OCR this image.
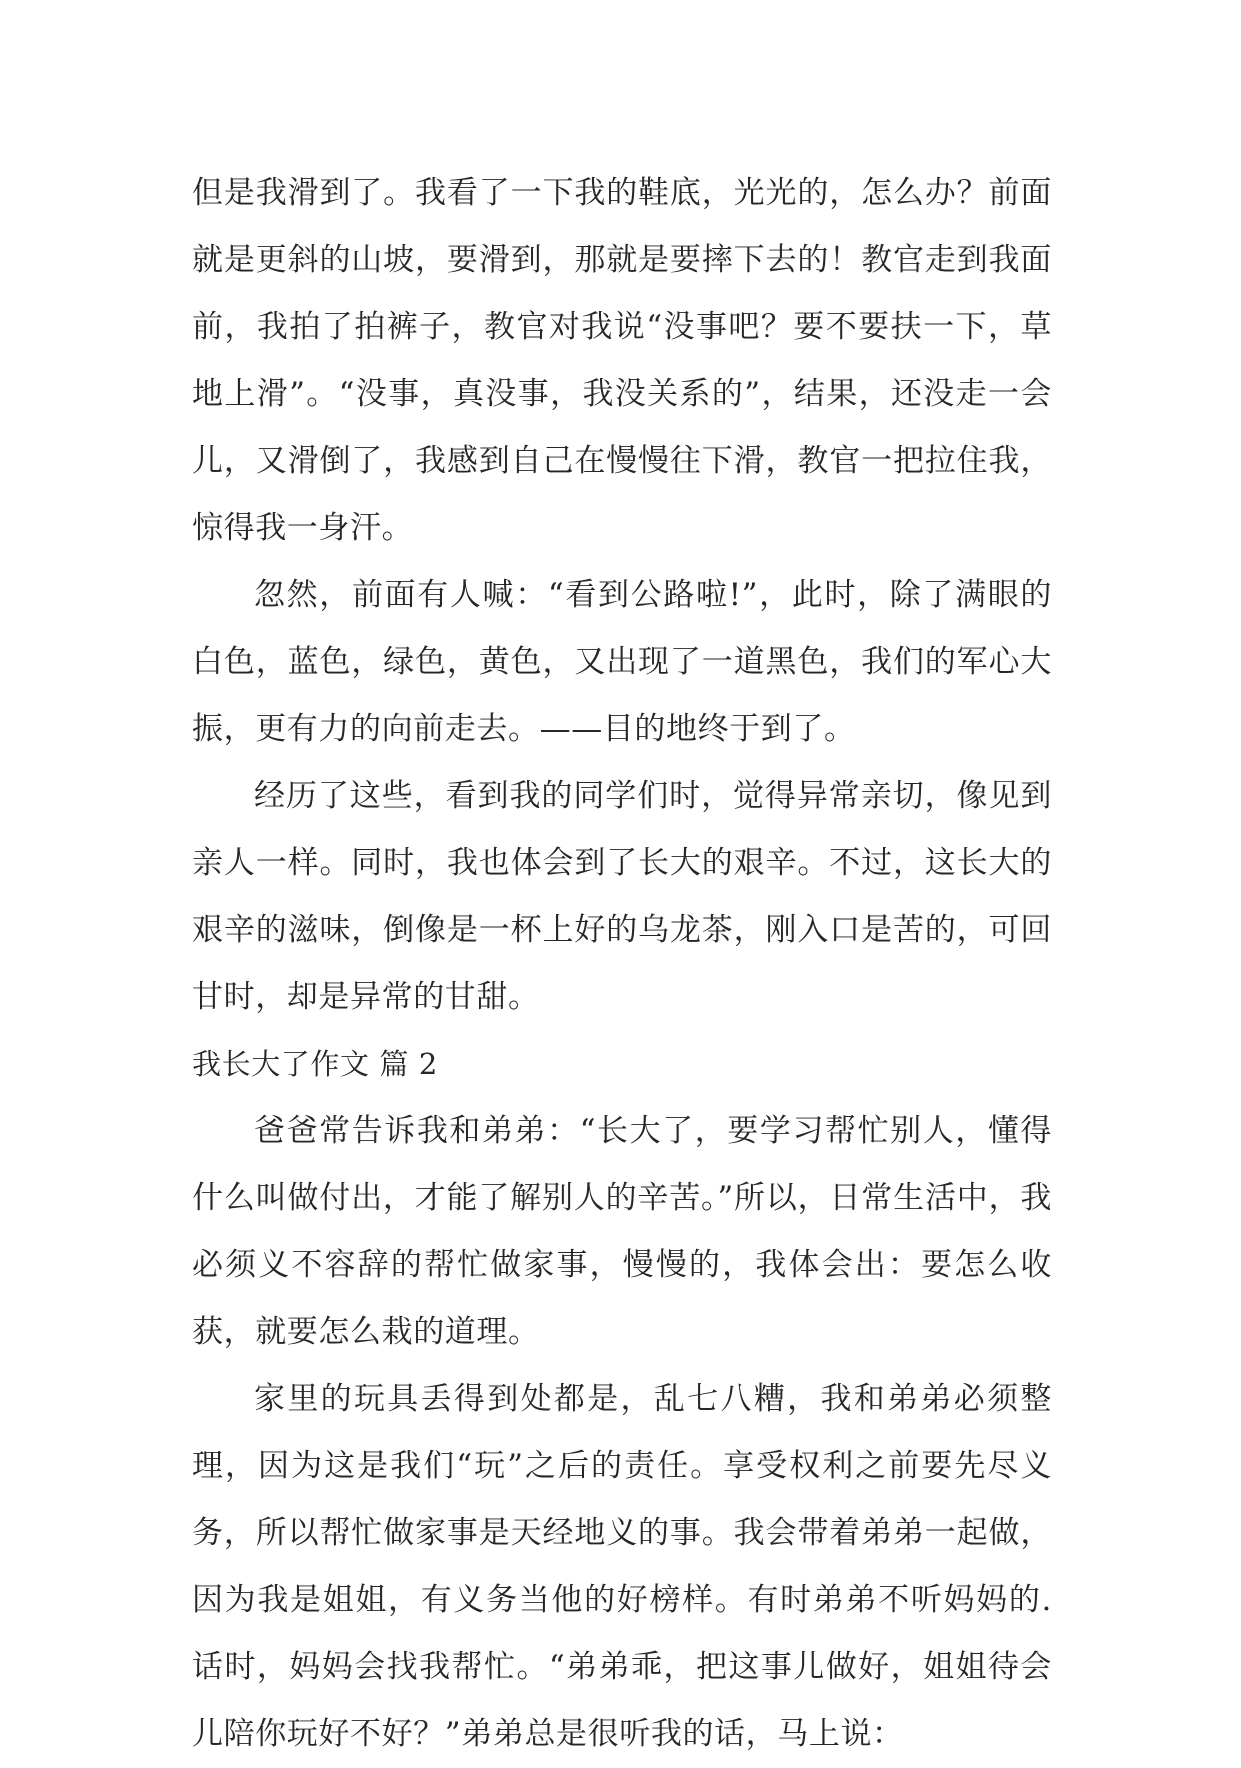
但是我滑到了。我看了一下我的鞋底，光光的，怎么办？前面就是更斜的山坡，要滑到，那就是要摔下去的！教官走到我面前，我拍了拍裤子，教官对我说“没事吧？要不要扶一下，草地上滑”。“没事，真没事，我没关系的”，结果，还没走一会儿，又滑倒了，我感到自己在慢慢往下滑，教官一把拉住我，惊得我一身汗。

忽然，前面有人喊：“看到公路啦!”，此时，除了满眼的白色，蓝色，绿色，黄色，又出现了一道黑色，我们的军心大振，更有力的向前走去。——目的地终于到了。

经历了这些，看到我的同学们时，觉得异常亲切，像见到亲人一样。同时，我也体会到了长大的艰辛。不过，这长大的艰辛的滋味，倒像是一杯上好的乌龙茶，刚入口是苦的，可回甘时，却是异常的甘甜。

我长大了作文 篇 2

爸爸常告诉我和弟弟：“长大了，要学习帮忙别人，懂得什么叫做付出，才能了解别人的辛苦。”所以，日常生活中，我必须义不容辞的帮忙做家事，慢慢的，我体会出：要怎么收获，就要怎么栽的道理。

家里的玩具丢得到处都是，乱七八糟，我和弟弟必须整理，因为这是我们“玩”之后的责任。享受权利之前要先尽义务，所以帮忙做家事是天经地义的事。我会带着弟弟一起做，因为我是姐姐，有义务当他的好榜样。有时弟弟不听妈妈的.话时，妈妈会找我帮忙。“弟弟乖，把这事儿做好，姐姐待会儿陪你玩好不好？”弟弟总是很听我的话，马上说：
